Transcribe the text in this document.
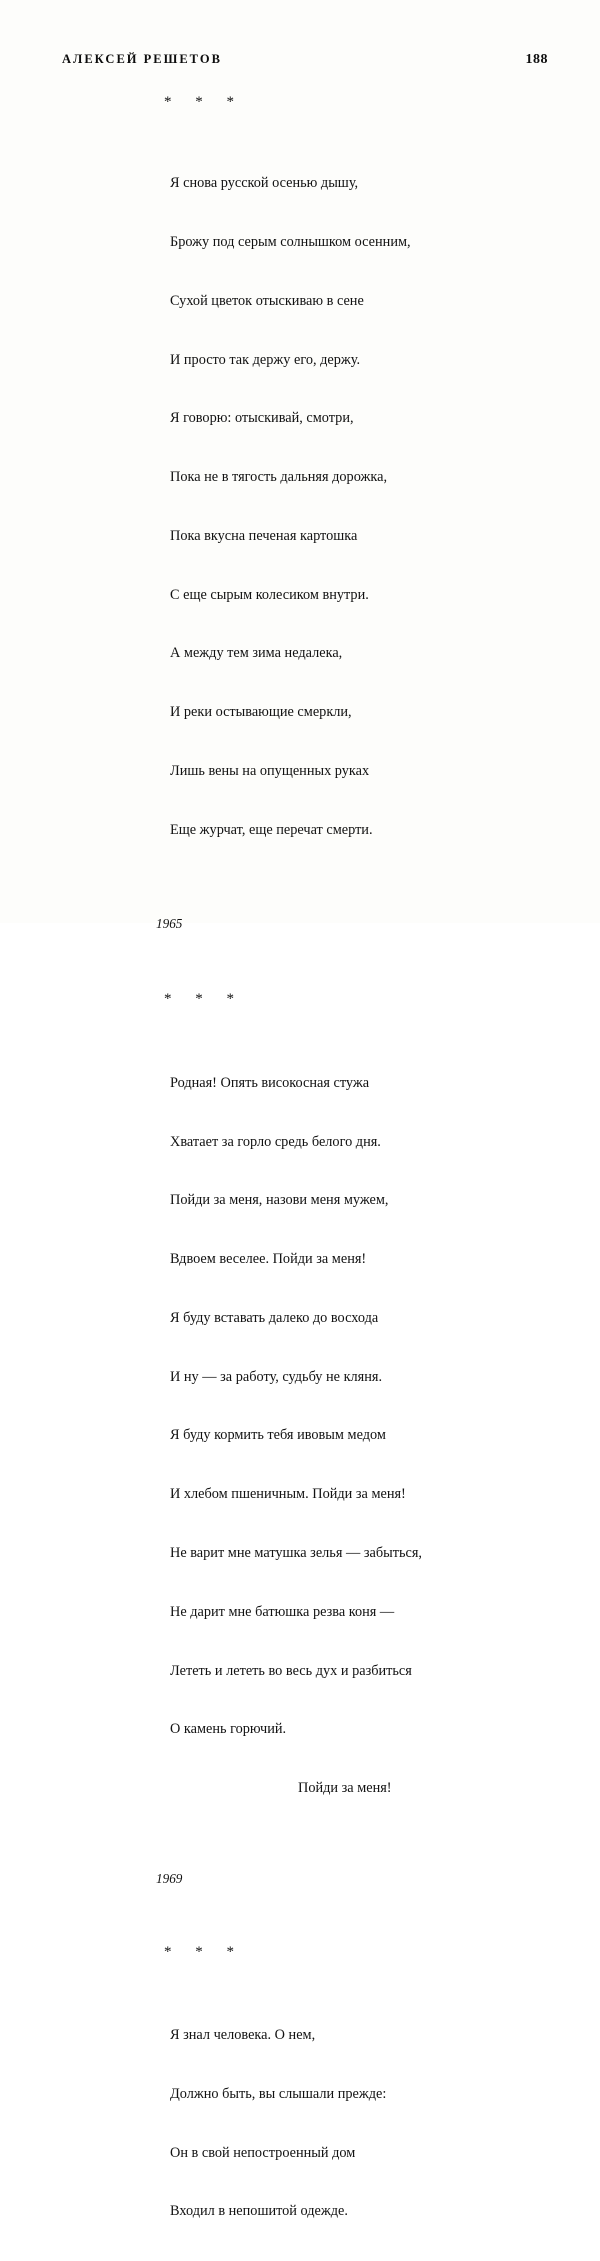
АЛЕКСЕЙ РЕШЕТОВ	188
* * *

Я снова русской осенью дышу,

Брожу под серым солнышком осенним,

Сухой цветок отыскиваю в сене

И просто так держу его, держу.

Я говорю: отыскивай, смотри,

Пока не в тягость дальняя дорожка,

Пока вкусна печеная картошка

С еще сырым колесиком внутри.

А между тем зима недалека,

И реки остывающие смеркли,

Лишь вены на опущенных руках

Еще журчат, еще перечат смерти.

1965
* * *

Родная! Опять високосная стужа

Хватает за горло средь белого дня.

Пойди за меня, назови меня мужем,

Вдвоем веселее. Пойди за меня!

Я буду вставать далеко до восхода

И ну — за работу, судьбу не кляня.

Я буду кормить тебя ивовым медом

И хлебом пшеничным. Пойди за меня!

Не варит мне матушка зелья — забыться,

Не дарит мне батюшка резва коня —

Лететь и лететь во весь дух и разбиться

О камень горючий.

Пойди за меня!

1969
* * *

Я знал человека. О нем,

Должно быть, вы слышали прежде:

Он в свой непостроенный дом

Входил в непошитой одежде.
